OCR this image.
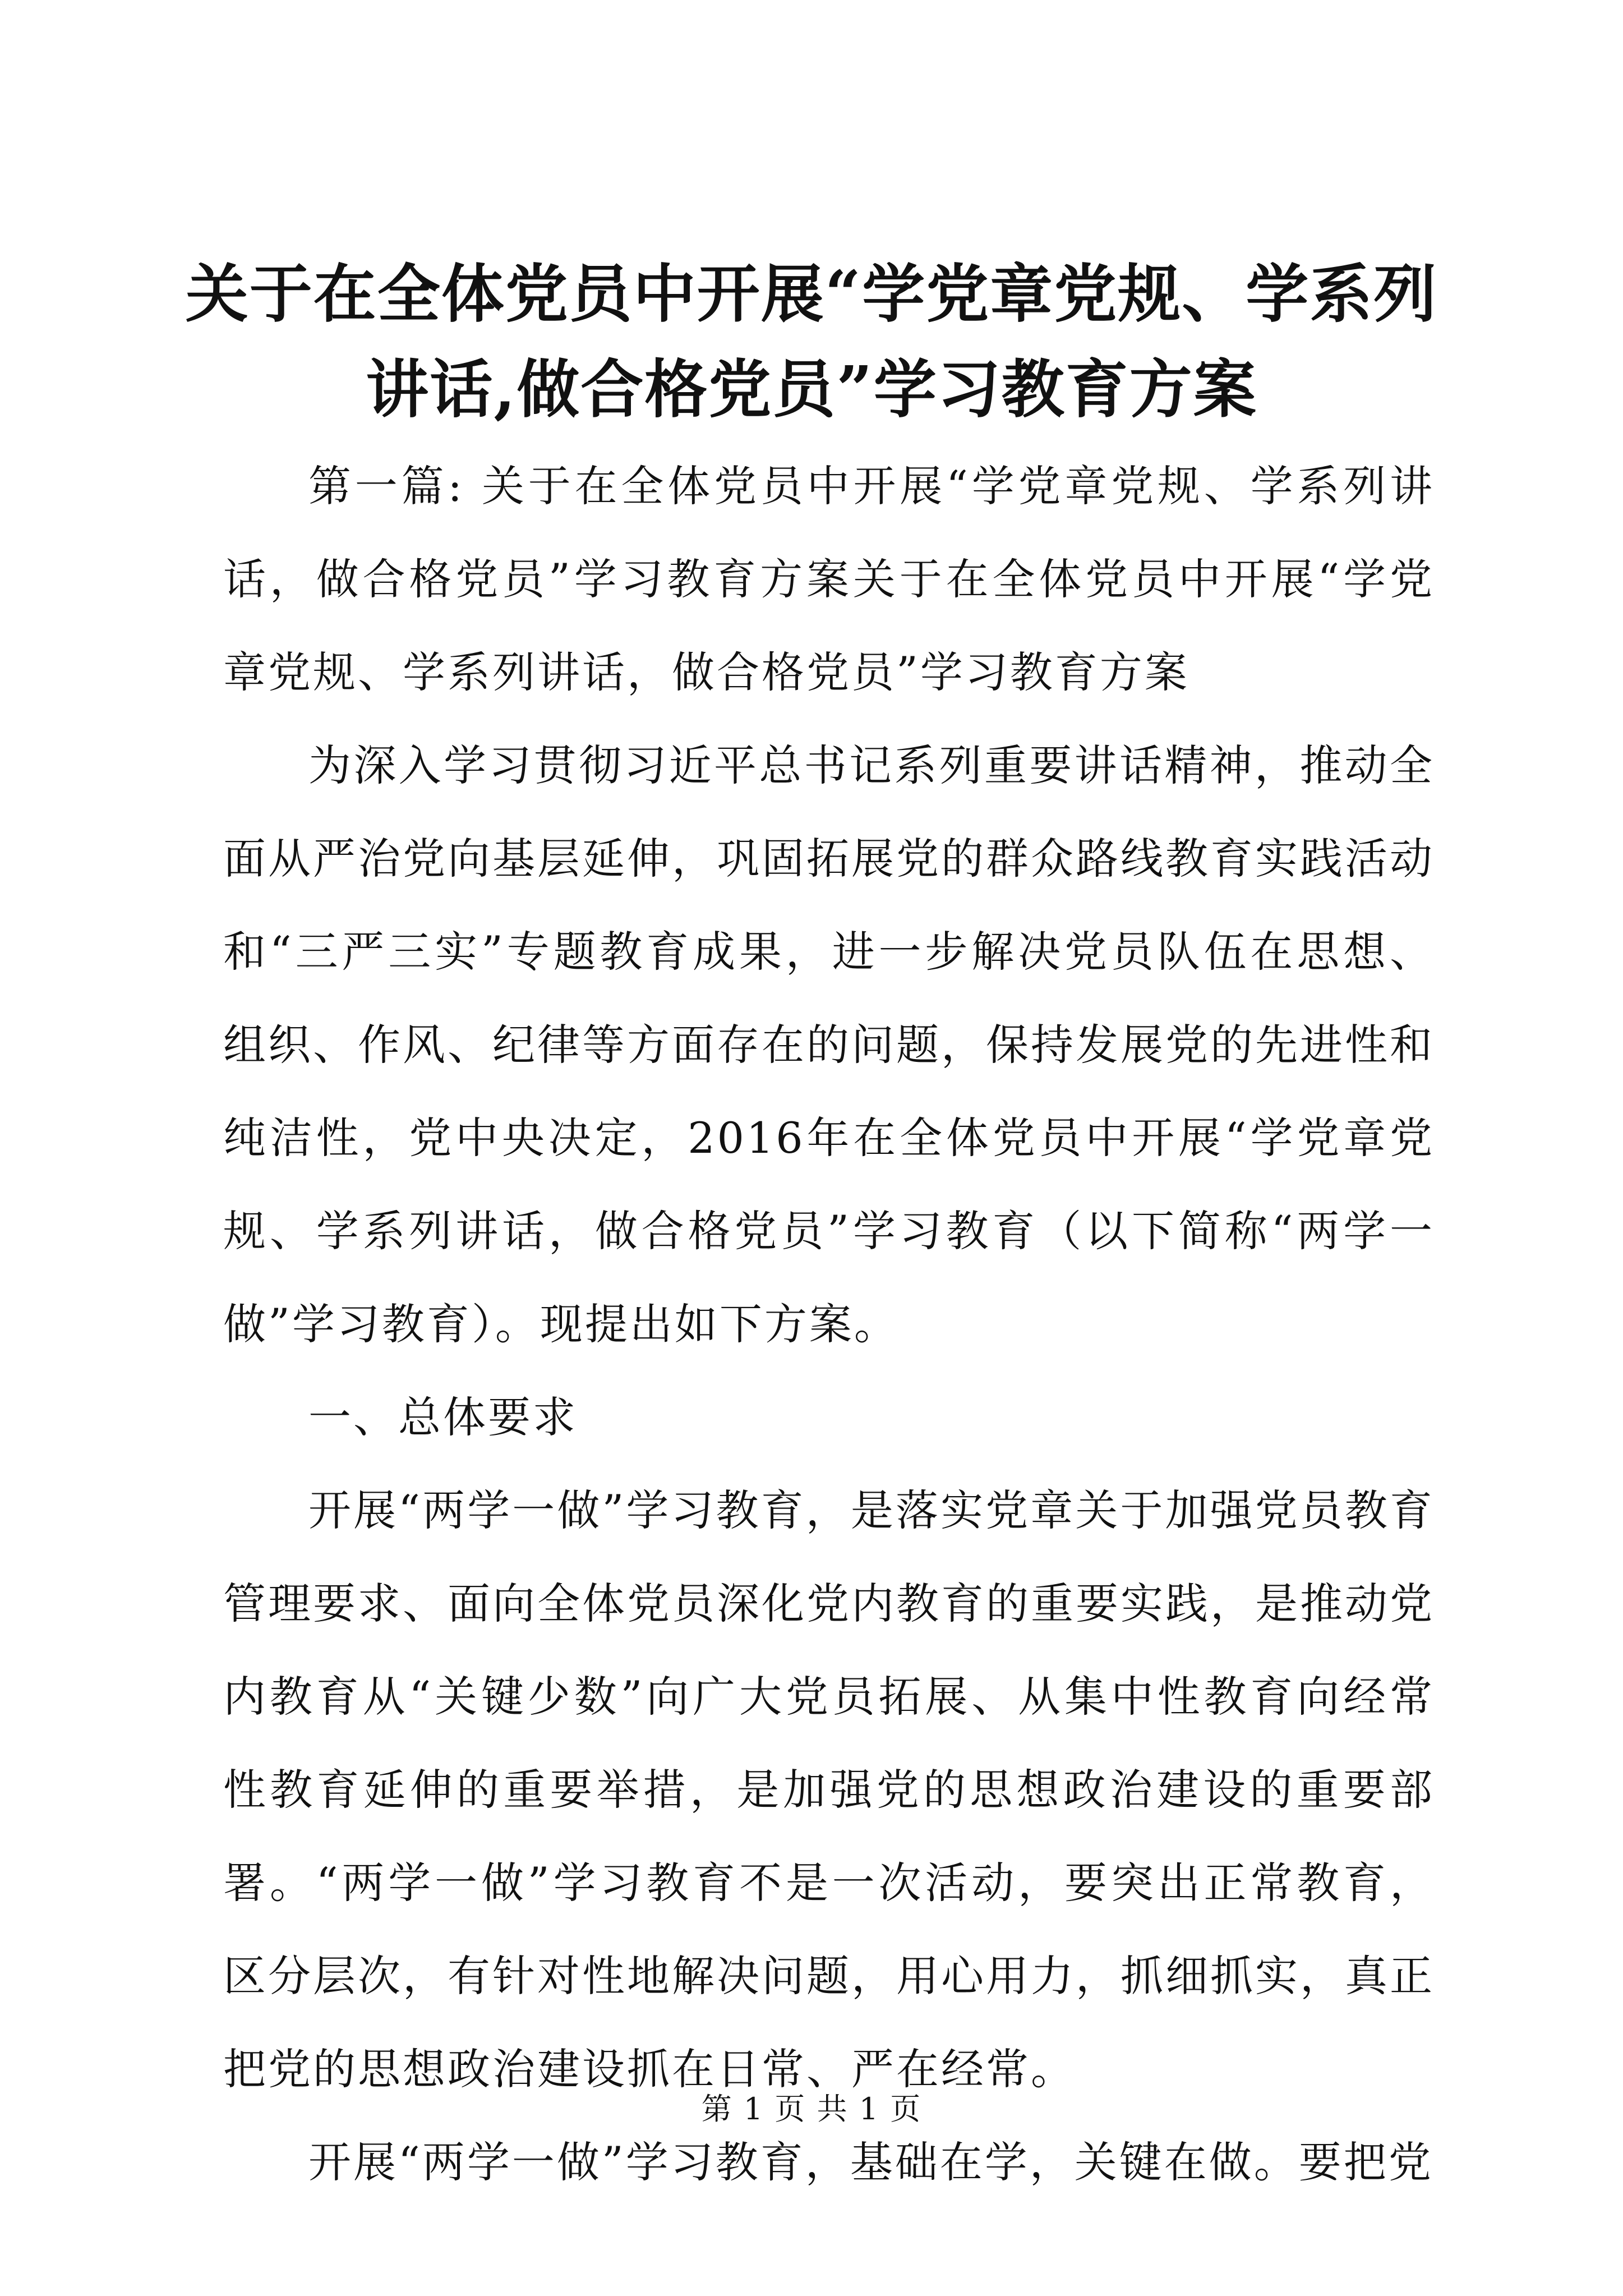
关于在全体党员中开展“学党章党规、学系列
讲话,做合格党员”学习教育方案

第一篇: 关于在全体党员中开展“学党章党规、学系列讲话，做合格党员”学习教育方案关于在全体党员中开展“学党章党规、学系列讲话，做合格党员”学习教育方案

为深入学习贯彻习近平总书记系列重要讲话精神，推动全面从严治党向基层延伸，巩固拓展党的群众路线教育实践活动和“三严三实”专题教育成果，进一步解决党员队伍在思想、组织、作风、纪律等方面存在的问题，保持发展党的先进性和纯洁性，党中央决定，2016年在全体党员中开展“学党章党规、学系列讲话，做合格党员”学习教育（以下简称“两学一做”学习教育）。现提出如下方案。

一、总体要求

开展“两学一做”学习教育，是落实党章关于加强党员教育管理要求、面向全体党员深化党内教育的重要实践，是推动党内教育从“关键少数”向广大党员拓展、从集中性教育向经常性教育延伸的重要举措，是加强党的思想政治建设的重要部署。“两学一做”学习教育不是一次活动，要突出正常教育，区分层次，有针对性地解决问题，用心用力，抓细抓实，真正把党的思想政治建设抓在日常、严在经常。

开展“两学一做”学习教育，基础在学，关键在做。要把党

第 1 页 共 1 页
